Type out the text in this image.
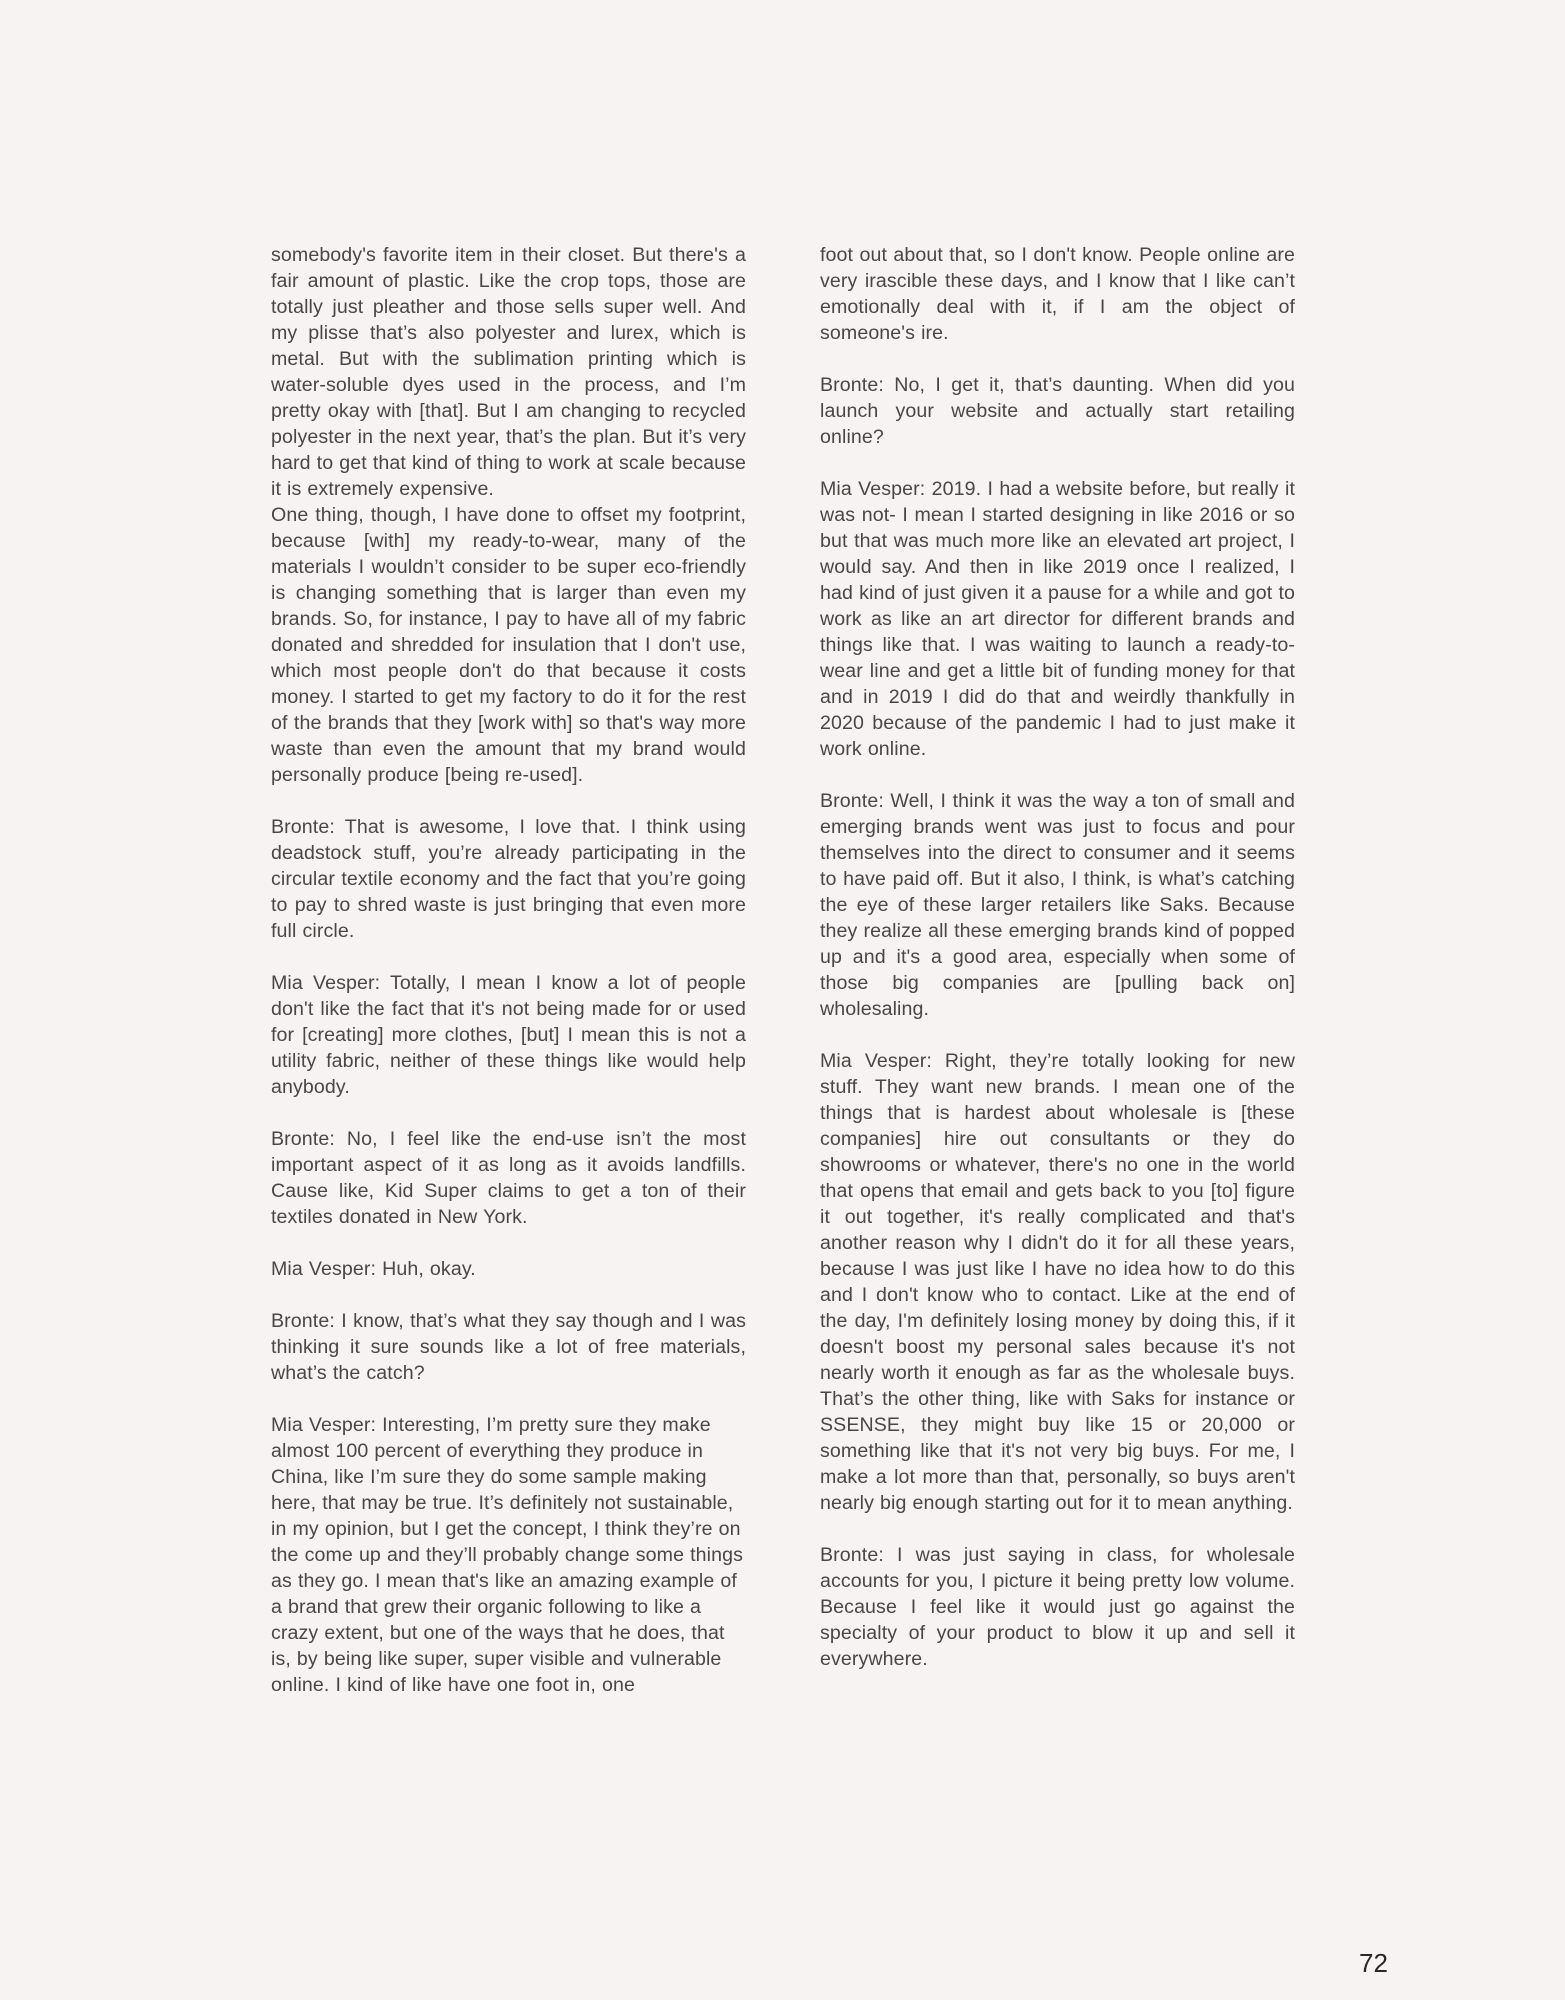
somebody's favorite item in their closet. But there's a fair amount of plastic. Like the crop tops, those are totally just pleather and those sells super well. And my plisse that’s also polyester and lurex, which is metal. But with the sublimation printing which is water-soluble dyes used in the process, and I’m pretty okay with [that]. But I am changing to recycled polyester in the next year, that’s the plan. But it’s very hard to get that kind of thing to work at scale because it is extremely expensive.

One thing, though, I have done to offset my footprint, because [with] my ready-to-wear, many of the materials I wouldn’t consider to be super eco-friendly is changing something that is larger than even my brands. So, for instance, I pay to have all of my fabric donated and shredded for insulation that I don't use, which most people don't do that because it costs money. I started to get my factory to do it for the rest of the brands that they [work with] so that's way more waste than even the amount that my brand would personally produce [being re-used].

Bronte: That is awesome, I love that. I think using deadstock stuff, you’re already participating in the circular textile economy and the fact that you’re going to pay to shred waste is just bringing that even more full circle.

Mia Vesper: Totally, I mean I know a lot of people don't like the fact that it's not being made for or used for [creating] more clothes, [but] I mean this is not a utility fabric, neither of these things like would help anybody.

Bronte: No, I feel like the end-use isn’t the most important aspect of it as long as it avoids landfills. Cause like, Kid Super claims to get a ton of their textiles donated in New York.

Mia Vesper: Huh, okay.

Bronte: I know, that’s what they say though and I was thinking it sure sounds like a lot of free materials, what’s the catch?

Mia Vesper: Interesting, I’m pretty sure they make almost 100 percent of everything they produce in China, like I’m sure they do some sample making here, that may be true. It’s definitely not sustainable, in my opinion, but I get the concept, I think they’re on the come up and they’ll probably change some things as they go. I mean that's like an amazing example of a brand that grew their organic following to like a crazy extent, but one of the ways that he does, that is, by being like super, super visible and vulnerable online. I kind of like have one foot in, one

foot out about that, so I don't know. People online are very irascible these days, and I know that I like can’t emotionally deal with it, if I am the object of someone's ire.

Bronte: No, I get it, that’s daunting. When did you launch your website and actually start retailing online?

Mia Vesper: 2019. I had a website before, but really it was not- I mean I started designing in like 2016 or so but that was much more like an elevated art project, I would say. And then in like 2019 once I realized, I had kind of just given it a pause for a while and got to work as like an art director for different brands and things like that. I was waiting to launch a ready-to-wear line and get a little bit of funding money for that and in 2019 I did do that and weirdly thankfully in 2020 because of the pandemic I had to just make it work online.

Bronte: Well, I think it was the way a ton of small and emerging brands went was just to focus and pour themselves into the direct to consumer and it seems to have paid off. But it also, I think, is what’s catching the eye of these larger retailers like Saks. Because they realize all these emerging brands kind of popped up and it's a good area, especially when some of those big companies are [pulling back on] wholesaling.

Mia Vesper: Right, they’re totally looking for new stuff. They want new brands. I mean one of the things that is hardest about wholesale is [these companies] hire out consultants or they do showrooms or whatever, there's no one in the world that opens that email and gets back to you [to] figure it out together, it's really complicated and that's another reason why I didn't do it for all these years, because I was just like I have no idea how to do this and I don't know who to contact. Like at the end of the day, I'm definitely losing money by doing this, if it doesn't boost my personal sales because it's not nearly worth it enough as far as the wholesale buys. That’s the other thing, like with Saks for instance or SSENSE, they might buy like 15 or 20,000 or something like that it's not very big buys. For me, I make a lot more than that, personally, so buys aren't nearly big enough starting out for it to mean anything.

Bronte: I was just saying in class, for wholesale accounts for you, I picture it being pretty low volume. Because I feel like it would just go against the specialty of your product to blow it up and sell it everywhere.

72
